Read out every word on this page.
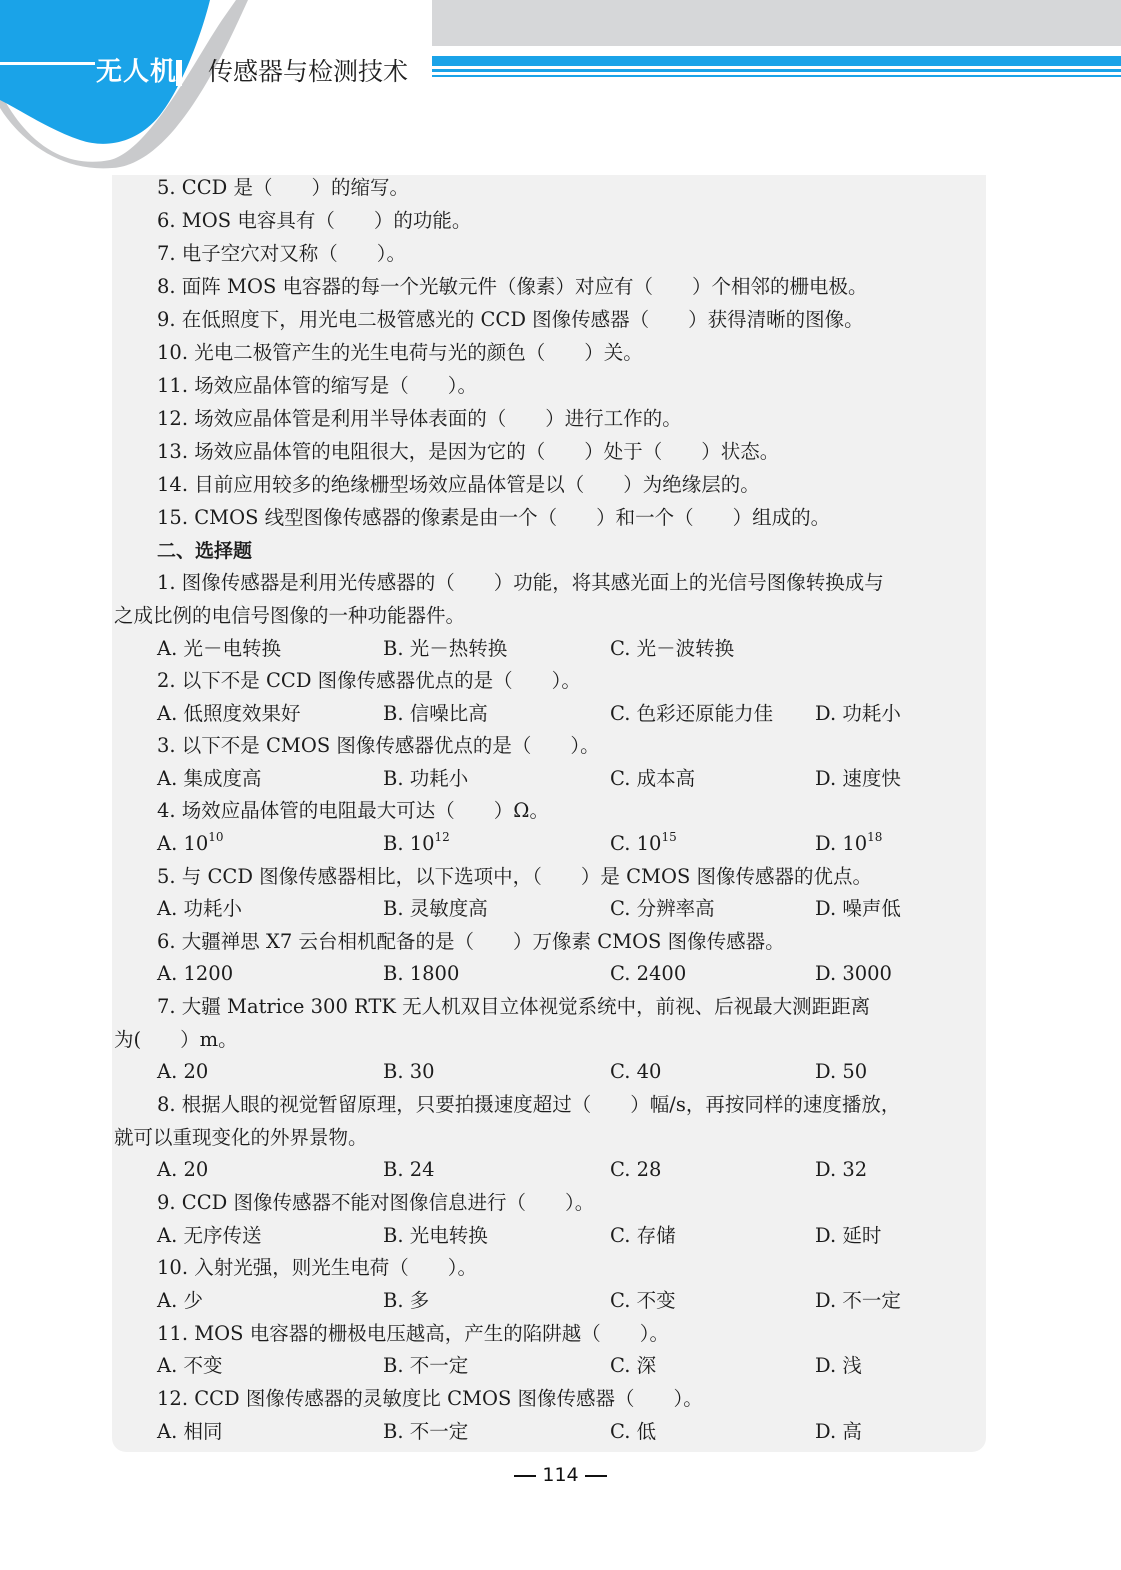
无人机 传感器与检测技术
5. CCD 是（　　）的缩写。
6. MOS 电容具有（　　）的功能。
7. 电子空穴对又称（　　）。
8. 面阵 MOS 电容器的每一个光敏元件（像素）对应有（　　）个相邻的栅电极。
9. 在低照度下，用光电二极管感光的 CCD 图像传感器（　　）获得清晰的图像。
10. 光电二极管产生的光生电荷与光的颜色（　　）关。
11. 场效应晶体管的缩写是（　　）。
12. 场效应晶体管是利用半导体表面的（　　）进行工作的。
13. 场效应晶体管的电阻很大，是因为它的（　　）处于（　　）状态。
14. 目前应用较多的绝缘栅型场效应晶体管是以（　　）为绝缘层的。
15. CMOS 线型图像传感器的像素是由一个（　　）和一个（　　）组成的。
二、选择题
1. 图像传感器是利用光传感器的（　　）功能，将其感光面上的光信号图像转换成与
之成比例的电信号图像的一种功能器件。
A. 光－电转换	B. 光－热转换	C. 光－波转换
2. 以下不是 CCD 图像传感器优点的是（　　）。
A. 低照度效果好	B. 信噪比高	C. 色彩还原能力佳 D. 功耗小
3. 以下不是 CMOS 图像传感器优点的是（　　）。
A. 集成度高	B. 功耗小	C. 成本高	D. 速度快
4. 场效应晶体管的电阻最大可达（　　）Ω。
A. $10^{10}$	B. $10^{12}$	C. $10^{15}$	D. $10^{18}$
5. 与 CCD 图像传感器相比，以下选项中，（　　）是 CMOS 图像传感器的优点。
A. 功耗小	B. 灵敏度高	C. 分辨率高	D. 噪声低
6. 大疆禅思 X7 云台相机配备的是（　　）万像素 CMOS 图像传感器。
A. 1200	B. 1800	C. 2400	D. 3000
7. 大疆 Matrice 300 RTK 无人机双目立体视觉系统中，前视、后视最大测距距离
为(　　）m。
A. 20	B. 30	C. 40	D. 50
8. 根据人眼的视觉暂留原理，只要拍摄速度超过（　　）幅/s，再按同样的速度播放，
就可以重现变化的外界景物。
A. 20	B. 24	C. 28	D. 32
9. CCD 图像传感器不能对图像信息进行（　　）。
A. 无序传送	B. 光电转换	C. 存储	D. 延时
10. 入射光强，则光生电荷（　　）。
A. 少	B. 多	C. 不变	D. 不一定
11. MOS 电容器的栅极电压越高，产生的陷阱越（　　）。
A. 不变	B. 不一定	C. 深	D. 浅
12. CCD 图像传感器的灵敏度比 CMOS 图像传感器（　　）。
A. 相同	B. 不一定	C. 低	D. 高
114
